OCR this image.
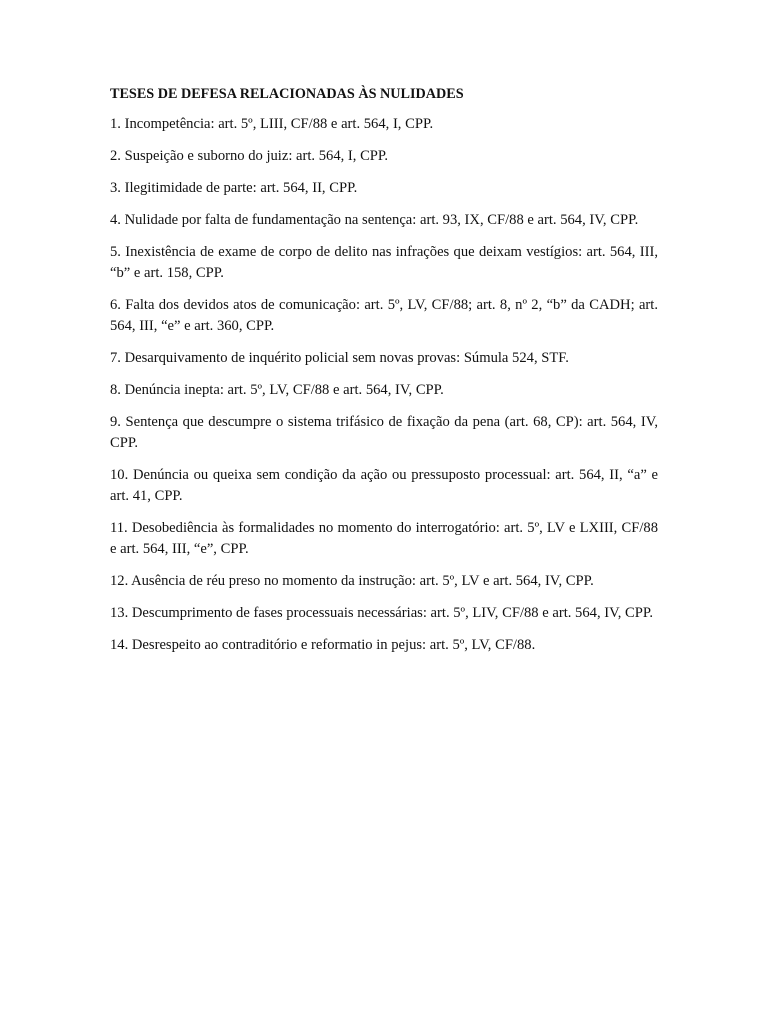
TESES DE DEFESA RELACIONADAS ÀS NULIDADES
1. Incompetência: art. 5º, LIII, CF/88 e art. 564, I, CPP.
2. Suspeição e suborno do juiz: art. 564, I, CPP.
3. Ilegitimidade de parte: art. 564, II, CPP.
4. Nulidade por falta de fundamentação na sentença: art. 93, IX, CF/88 e art. 564, IV, CPP.
5. Inexistência de exame de corpo de delito nas infrações que deixam vestígios: art. 564, III, “b” e art. 158, CPP.
6. Falta dos devidos atos de comunicação: art. 5º, LV, CF/88; art. 8, nº 2, “b” da CADH; art. 564, III, “e” e art. 360, CPP.
7. Desarquivamento de inquérito policial sem novas provas: Súmula 524, STF.
8. Denúncia inepta: art. 5º, LV, CF/88 e art. 564, IV, CPP.
9. Sentença que descumpre o sistema trifásico de fixação da pena (art. 68, CP): art. 564, IV, CPP.
10. Denúncia ou queixa sem condição da ação ou pressuposto processual: art. 564, II, “a” e art. 41, CPP.
11. Desobediência às formalidades no momento do interrogatório: art. 5º, LV e LXIII, CF/88 e art. 564, III, “e”, CPP.
12. Ausência de réu preso no momento da instrução: art. 5º, LV e art. 564, IV, CPP.
13. Descumprimento de fases processuais necessárias: art. 5º, LIV, CF/88 e art. 564, IV, CPP.
14. Desrespeito ao contraditório e reformatio in pejus: art. 5º, LV, CF/88.
